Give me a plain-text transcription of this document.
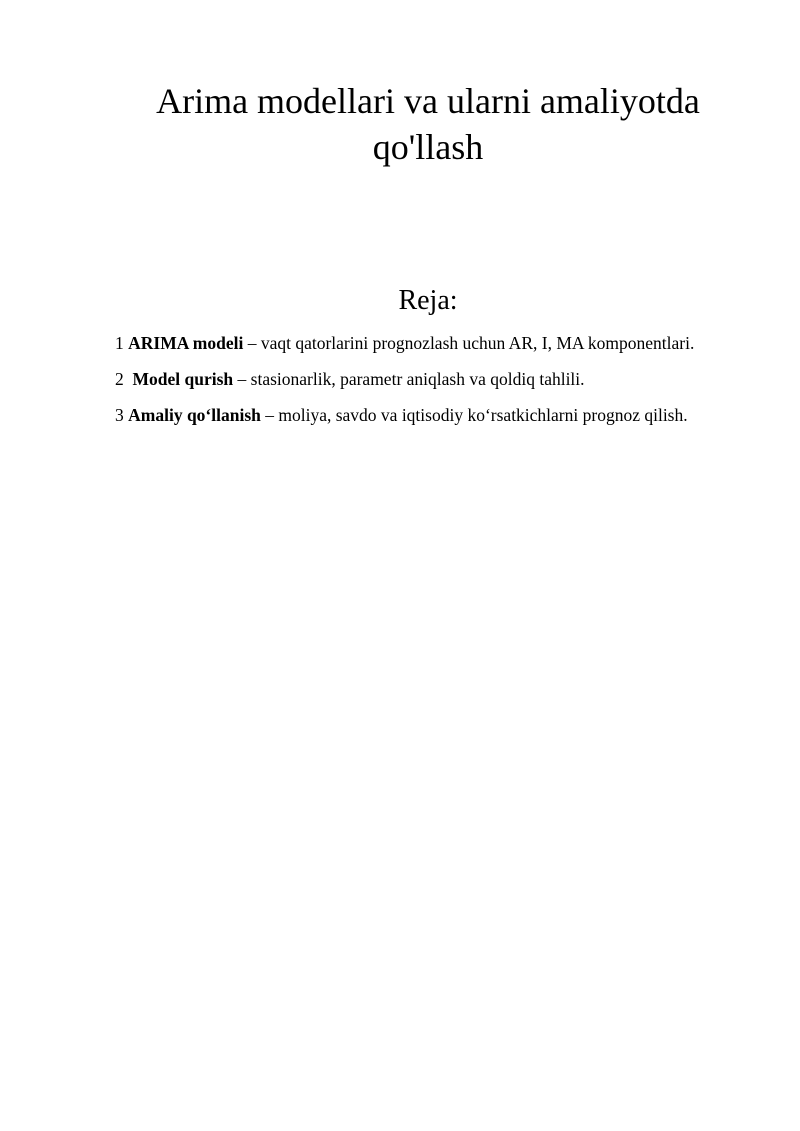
Arima modellari va ularni amaliyotda qo'llash
Reja:
1 ARIMA modeli – vaqt qatorlarini prognozlash uchun AR, I, MA komponentlari.
2 Model qurish – stasionarlik, parametr aniqlash va qoldiq tahlili.
3 Amaliy qo‘llanish – moliya, savdo va iqtisodiy ko‘rsatkichlarni prognoz qilish.
